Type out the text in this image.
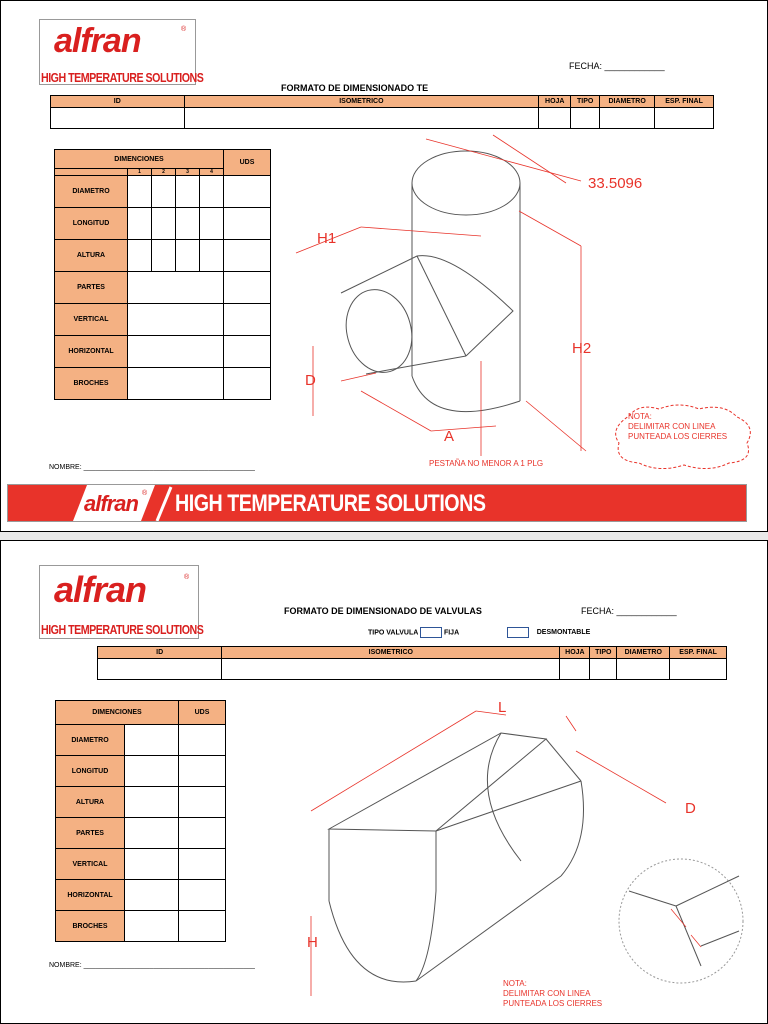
alfran	®
HIGH TEMPERATURE SOLUTIONS
FECHA: ____________
FORMATO DE DIMENSIONADO TE
ID	ISOMETRICO	HOJA	TIPO	DIAMETRO	ESP. FINAL

DIMENCIONES					UDS
	1	2	3	4	
DIAMETRO					
LONGITUD					
ALTURA					
PARTES					
VERTICAL					
HORIZONTAL					
BROCHES					
33.5096
H1
H2
D
A
PESTAÑA NO MENOR A 1 PLG
NOTA:
DELIMITAR CON LINEA
PUNTEADA LOS CIERRES
NOMBRE: ____________________________________________
alfran ® HIGH TEMPERATURE SOLUTIONS
alfran	®
HIGH TEMPERATURE SOLUTIONS
FORMATO DE DIMENSIONADO DE VALVULAS	FECHA: ____________
TIPO VALVULA	FIJA	DESMONTABLE
ID	ISOMETRICO	HOJA	TIPO	DIAMETRO	ESP. FINAL

DIMENCIONES		UDS
DIAMETRO		
LONGITUD		
ALTURA		
PARTES		
VERTICAL		
HORIZONTAL		
BROCHES		
L
D
H
NOTA:
DELIMITAR CON LINEA
PUNTEADA LOS CIERRES
NOMBRE: ____________________________________________
